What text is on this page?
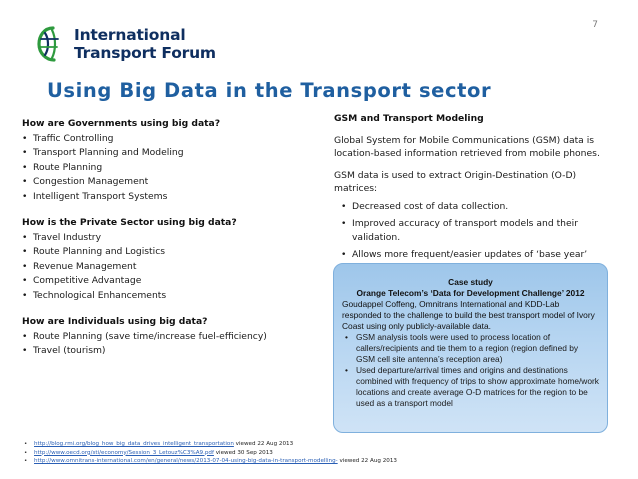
International
Transport Forum
7
Using Big Data in the Transport sector
How are Governments using big data?
• Traffic Controlling
• Transport Planning and Modeling
• Route Planning
• Congestion Management
• Intelligent Transport Systems
How is the Private Sector using big data?
• Travel Industry
• Route Planning and Logistics
• Revenue Management
• Competitive Advantage
• Technological Enhancements
How are Individuals using big data?
• Route Planning (save time/increase fuel-efficiency)
• Travel (tourism)
GSM and Transport Modeling

Global System for Mobile Communications (GSM) data is location-based information retrieved from mobile phones.

GSM data is used to extract Origin-Destination (O-D) matrices:

• Decreased cost of data collection.
• Improved accuracy of transport models and their validation.
• Allows more frequent/easier updates of ‘base year’
Case study
Orange Telecom’s ‘Data for Development Challenge’ 2012

Goudappel Coffeng, Omnitrans International and KDD-Lab responded to the challenge to build the best transport model of Ivory Coast using only publicly-available data.

• GSM analysis tools were used to process location of callers/recipients and tie them to a region (region defined by GSM cell site antenna’s reception area)
• Used departure/arrival times and origins and destinations combined with frequency of trips to show approximate home/work locations and create average O-D matrices for the region to be used as a transport model
• http://blog.rmi.org/blog_how_big_data_drives_intelligent_transportation viewed 22 Aug 2013
• http://www.oecd.org/sti/economy/Session_3_Letouz%C3%A9.pdf viewed 30 Sep 2013
• http://www.omnitrans-international.com/en/general/news/2013-07-04-using-big-data-in-transport-modelling- viewed 22 Aug 2013
